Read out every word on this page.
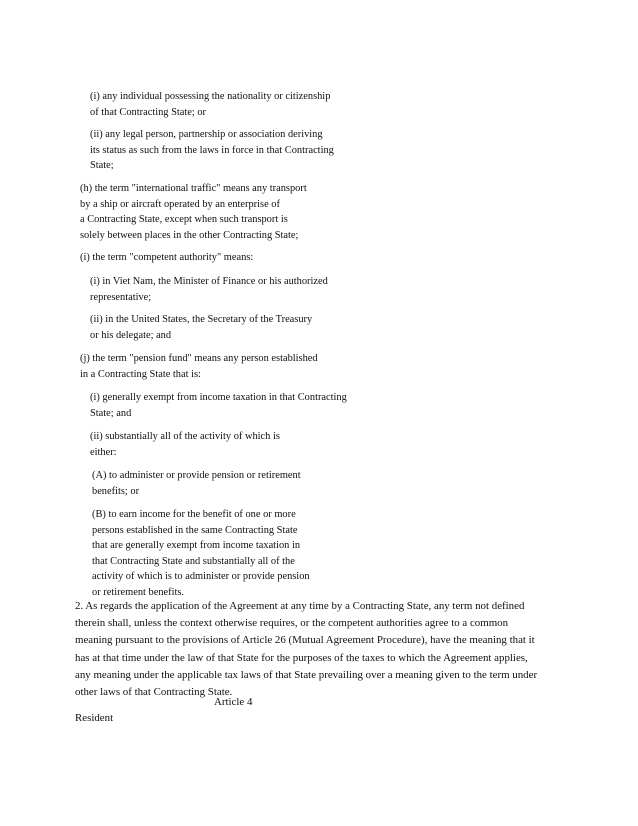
(i) any individual possessing the nationality or citizenship
of that Contracting State; or

(ii) any legal person, partnership or association deriving
its status as such from the laws in force in that Contracting
State;

(h) the term "international traffic" means any transport
by a ship or aircraft operated by an enterprise of
a Contracting State, except when such transport is
solely between places in the other Contracting State;

(i) the term "competent authority" means:

(i) in Viet Nam, the Minister of Finance or his authorized
representative;

(ii) in the United States, the Secretary of the Treasury
or his delegate; and

(j) the term "pension fund" means any person established
in a Contracting State that is:

(i) generally exempt from income taxation in that Contracting
State; and

(ii) substantially all of the activity of which is
either:

(A) to administer or provide pension or retirement
benefits; or

(B) to earn income for the benefit of one or more
persons established in the same Contracting State
that are generally exempt from income taxation in
that Contracting State and substantially all of the
activity of which is to administer or provide pension
or retirement benefits.

2. As regards the application of the Agreement at any time by a Contracting State, any term not defined
therein shall, unless the context otherwise requires, or the competent authorities agree to a common
meaning pursuant to the provisions of Article 26 (Mutual Agreement Procedure), have the meaning that it
has at that time under the law of that State for the purposes of the taxes to which the Agreement applies,
any meaning under the applicable tax laws of that State prevailing over a meaning given to the term under
other laws of that Contracting State.

Article 4

Resident
